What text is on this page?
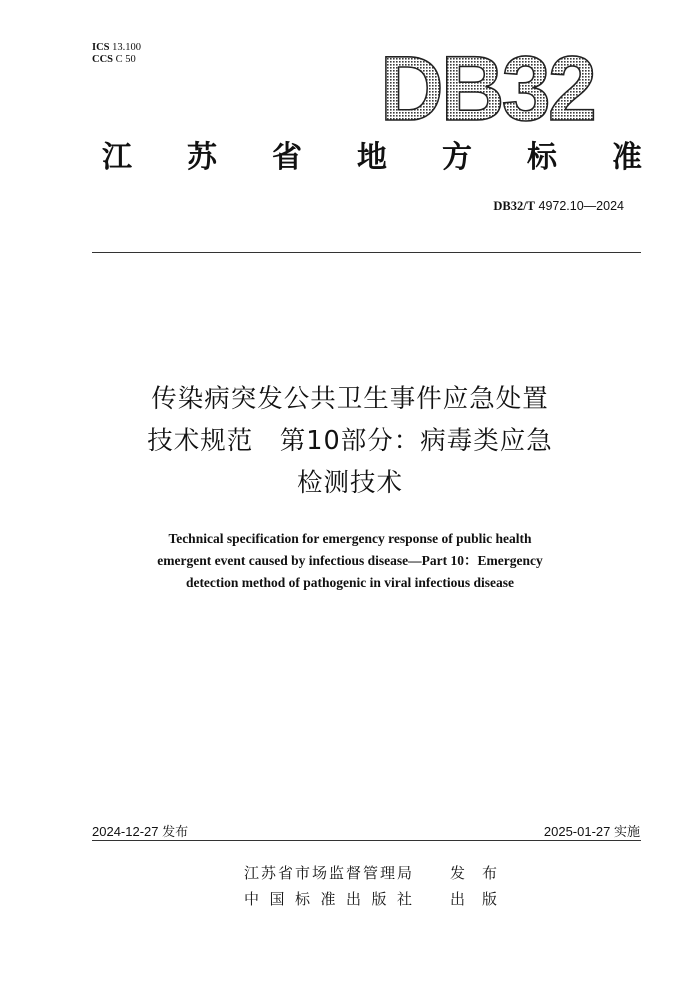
ICS 13.100
CCS C 50	DB32
江 苏 省 地 方 标 准
DB32/T 4972.10—2024
传染病突发公共卫生事件应急处置
技术规范　第10部分：病毒类应急
检测技术
Technical specification for emergency response of public health
emergent event caused by infectious disease—Part 10：Emergency
detection method of pathogenic in viral infectious disease
2024-12-27 发布	2025-01-27 实施
江苏省市场监督管理局 发布
中国标准出版社 出版
